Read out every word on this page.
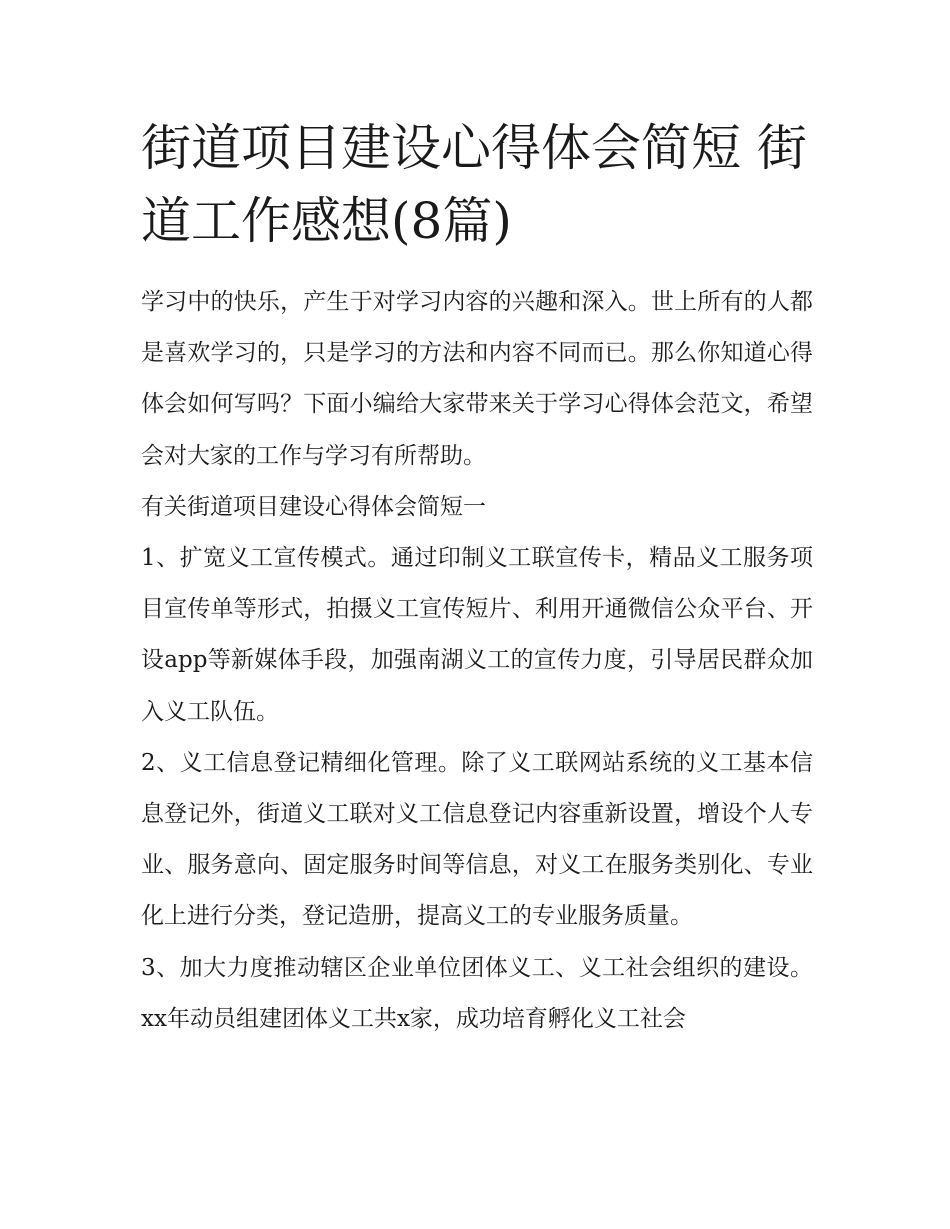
街道项目建设心得体会简短 街道工作感想(8篇)

学习中的快乐，产生于对学习内容的兴趣和深入。世上所有的人都是喜欢学习的，只是学习的方法和内容不同而已。那么你知道心得体会如何写吗？下面小编给大家带来关于学习心得体会范文，希望会对大家的工作与学习有所帮助。

有关街道项目建设心得体会简短一

1、扩宽义工宣传模式。通过印制义工联宣传卡，精品义工服务项目宣传单等形式，拍摄义工宣传短片、利用开通微信公众平台、开设app等新媒体手段，加强南湖义工的宣传力度，引导居民群众加入义工队伍。

2、义工信息登记精细化管理。除了义工联网站系统的义工基本信息登记外，街道义工联对义工信息登记内容重新设置，增设个人专业、服务意向、固定服务时间等信息，对义工在服务类别化、专业化上进行分类，登记造册，提高义工的专业服务质量。

3、加大力度推动辖区企业单位团体义工、义工社会组织的建设。xx年动员组建团体义工共x家，成功培育孵化义工社会
